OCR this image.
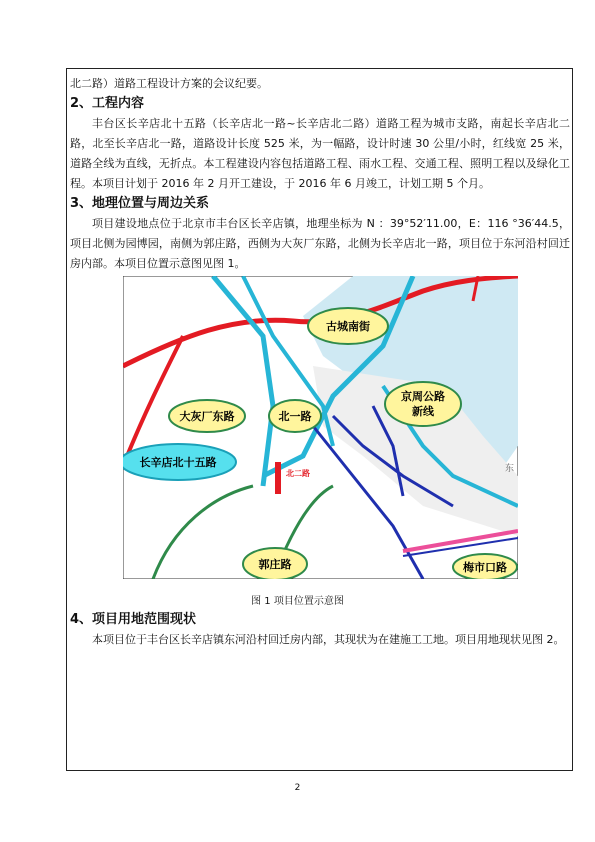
北二路）道路工程设计方案的会议纪要。
2、工程内容
丰台区长辛店北十五路（长辛店北一路~长辛店北二路）道路工程为城市支路，南起长辛店北二路，北至长辛店北一路，道路设计长度 525 米，为一幅路，设计时速 30 公里/小时，红线宽 25 米，道路全线为直线，无折点。本工程建设内容包括道路工程、雨水工程、交通工程、照明工程以及绿化工程。本项目计划于 2016 年 2 月开工建设，于 2016 年 6 月竣工，计划工期 5 个月。
3、地理位置与周边关系
项目建设地点位于北京市丰台区长辛店镇，地理坐标为 N ：39°52′11.00，E：116 °36′44.5，项目北侧为园博园，南侧为郭庄路，西侧为大灰厂东路，北侧为长辛店北一路，项目位于东河沿村回迁房内部。本项目位置示意图见图 1。
古城南街
京周公路
新线
大灰厂东路	北一路
长辛店北十五路
北二路
郭庄路	梅市口路
东
图 1 项目位置示意图
4、项目用地范围现状
本项目位于丰台区长辛店镇东河沿村回迁房内部，其现状为在建施工工地。项目用地现状见图 2。
2
